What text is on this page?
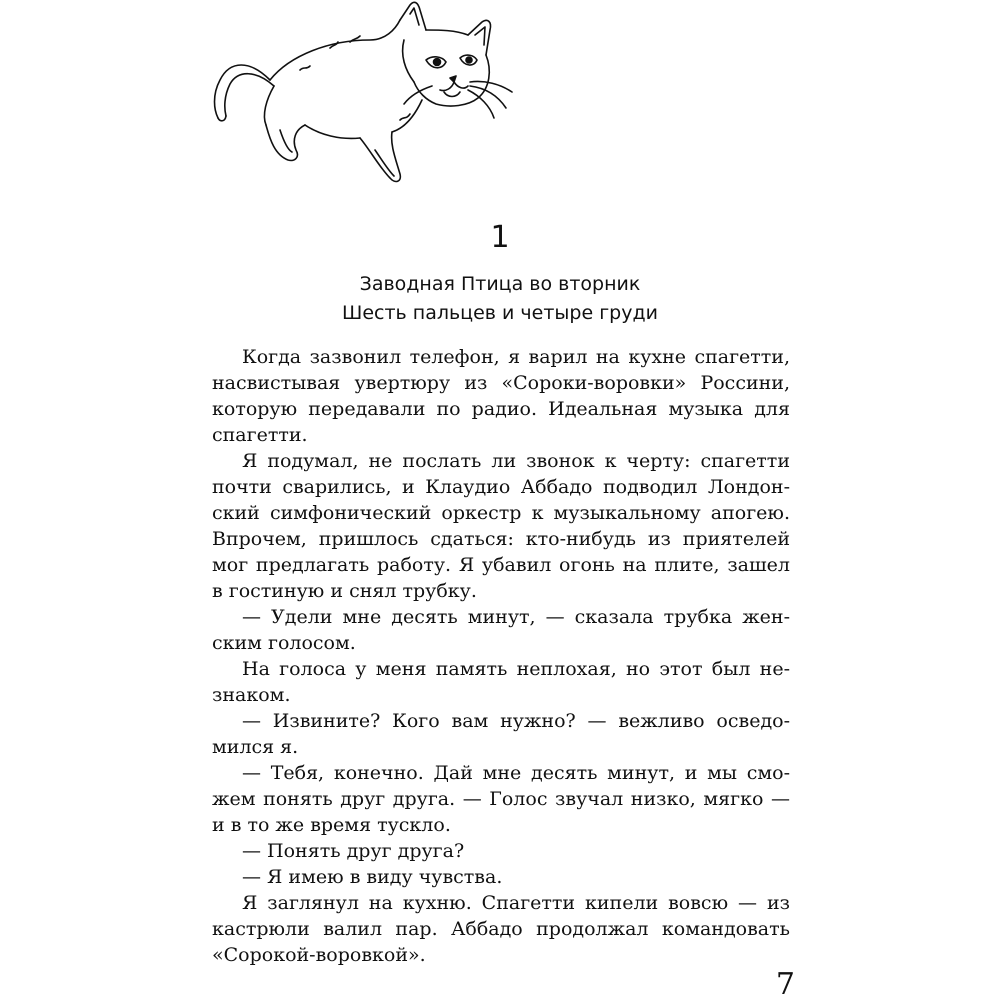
1
Заводная Птица во вторник
Шесть пальцев и четыре груди
Когда зазвонил телефон, я варил на кухне спагетти,
насвистывая увертюру из «Сороки-воровки» Россини,
которую передавали по радио. Идеальная музыка для
спагетти.
Я подумал, не послать ли звонок к черту: спагетти
почти сварились, и Клаудио Аббадо подводил Лондон-
ский симфонический оркестр к музыкальному апогею.
Впрочем, пришлось сдаться: кто-нибудь из приятелей
мог предлагать работу. Я убавил огонь на плите, зашел
в гостиную и снял трубку.
— Удели мне десять минут, — сказала трубка жен-
ским голосом.
На голоса у меня память неплохая, но этот был не-
знаком.
— Извините? Кого вам нужно? — вежливо осведо-
мился я.
— Тебя, конечно. Дай мне десять минут, и мы смо-
жем понять друг друга. — Голос звучал низко, мягко —
и в то же время тускло.
— Понять друг друга?
— Я имею в виду чувства.
Я заглянул на кухню. Спагетти кипели вовсю — из
кастрюли валил пар. Аббадо продолжал командовать
«Сорокой-воровкой».
7
